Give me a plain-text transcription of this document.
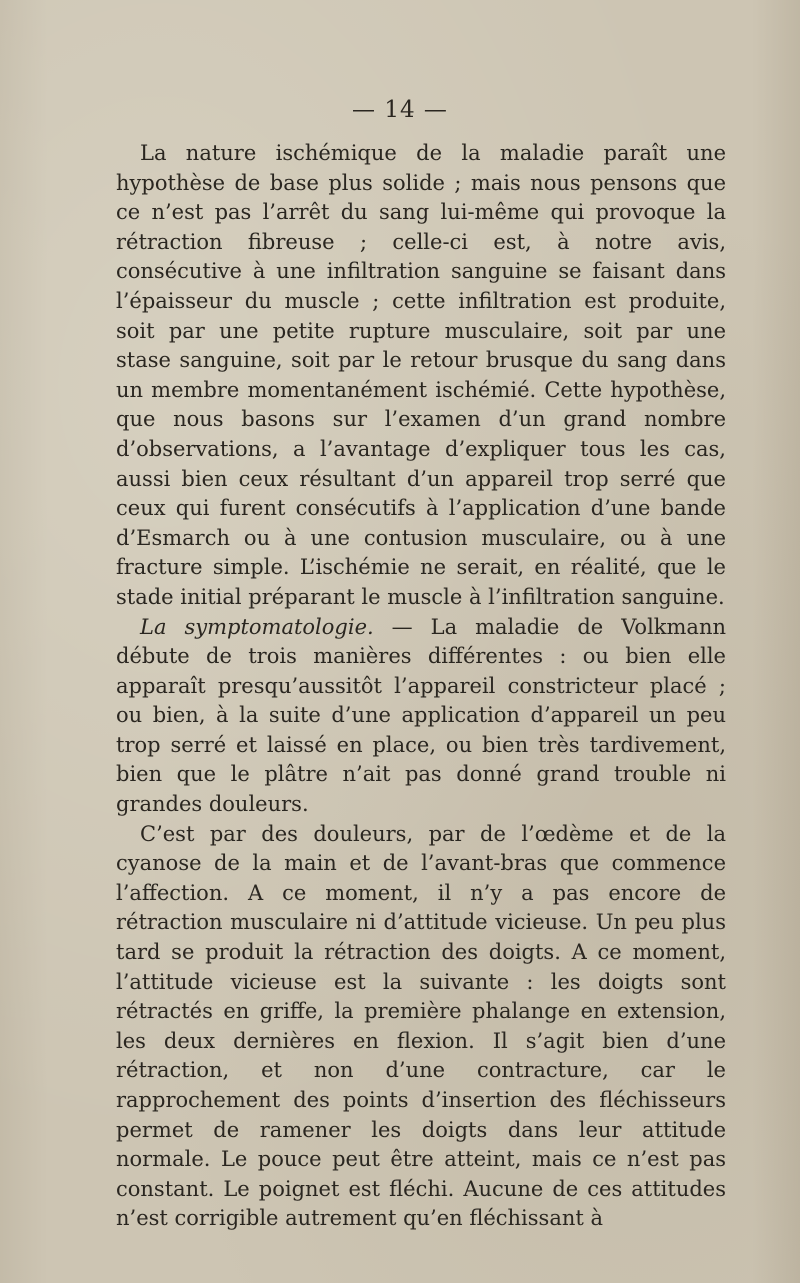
— 14 —

La nature ischémique de la maladie paraît une hypothèse de base plus solide ; mais nous pensons que ce n’est pas l’arrêt du sang lui-même qui provoque la rétraction fibreuse ; celle-ci est, à notre avis, consécutive à une infiltration sanguine se faisant dans l’épaisseur du muscle ; cette infiltration est produite, soit par une petite rupture musculaire, soit par une stase sanguine, soit par le retour brusque du sang dans un membre momentanément ischémié. Cette hypothèse, que nous basons sur l’examen d’un grand nombre d’observations, a l’avantage d’expliquer tous les cas, aussi bien ceux résultant d’un appareil trop serré que ceux qui furent consécutifs à l’application d’une bande d’Esmarch ou à une contusion musculaire, ou à une fracture simple. L’ischémie ne serait, en réalité, que le stade initial préparant le muscle à l’infiltration sanguine.

La symptomatologie. — La maladie de Volkmann débute de trois manières différentes : ou bien elle apparaît presqu’aussitôt l’appareil constricteur placé ; ou bien, à la suite d’une application d’appareil un peu trop serré et laissé en place, ou bien très tardivement, bien que le plâtre n’ait pas donné grand trouble ni grandes douleurs.

C’est par des douleurs, par de l’œdème et de la cyanose de la main et de l’avant-bras que commence l’affection. A ce moment, il n’y a pas encore de rétraction musculaire ni d’attitude vicieuse. Un peu plus tard se produit la rétraction des doigts. A ce moment, l’attitude vicieuse est la suivante : les doigts sont rétractés en griffe, la première phalange en extension, les deux dernières en flexion. Il s’agit bien d’une rétraction, et non d’une contracture, car le rapprochement des points d’insertion des fléchisseurs permet de ramener les doigts dans leur attitude normale. Le pouce peut être atteint, mais ce n’est pas constant. Le poignet est fléchi. Aucune de ces attitudes n’est corrigible autrement qu’en fléchissant à
